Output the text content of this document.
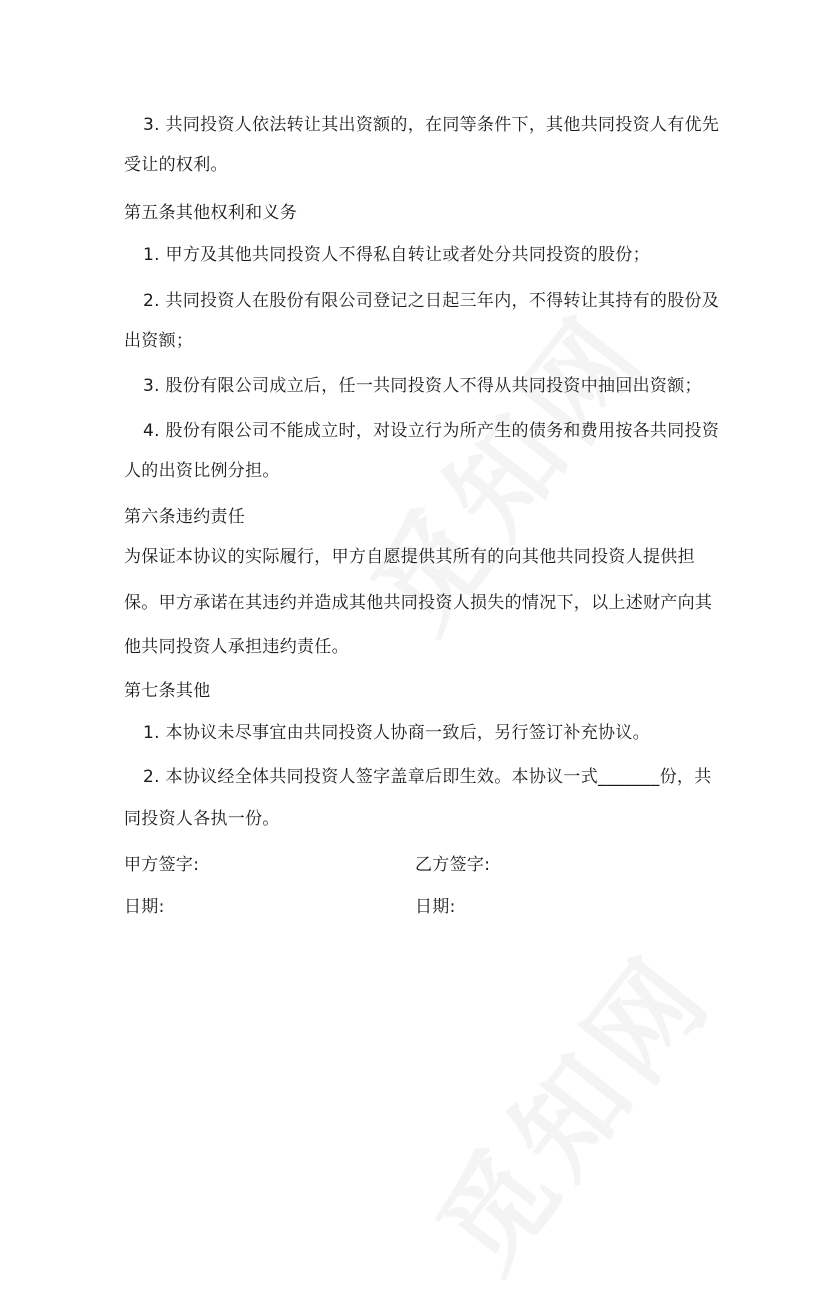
3. 共同投资人依法转让其出资额的，在同等条件下，其他共同投资人有优先
受让的权利。
第五条其他权利和义务
1. 甲方及其他共同投资人不得私自转让或者处分共同投资的股份；
2. 共同投资人在股份有限公司登记之日起三年内，不得转让其持有的股份及
出资额；
3. 股份有限公司成立后，任一共同投资人不得从共同投资中抽回出资额；
4. 股份有限公司不能成立时，对设立行为所产生的债务和费用按各共同投资
人的出资比例分担。
第六条违约责任
为保证本协议的实际履行，甲方自愿提供其所有的向其他共同投资人提供担
保。甲方承诺在其违约并造成其他共同投资人损失的情况下，以上述财产向其
他共同投资人承担违约责任。
第七条其他
1. 本协议未尽事宜由共同投资人协商一致后，另行签订补充协议。
2. 本协议经全体共同投资人签字盖章后即生效。本协议一式_______份，共
同投资人各执一份。
甲方签字:	乙方签字:
日期:	日期:
